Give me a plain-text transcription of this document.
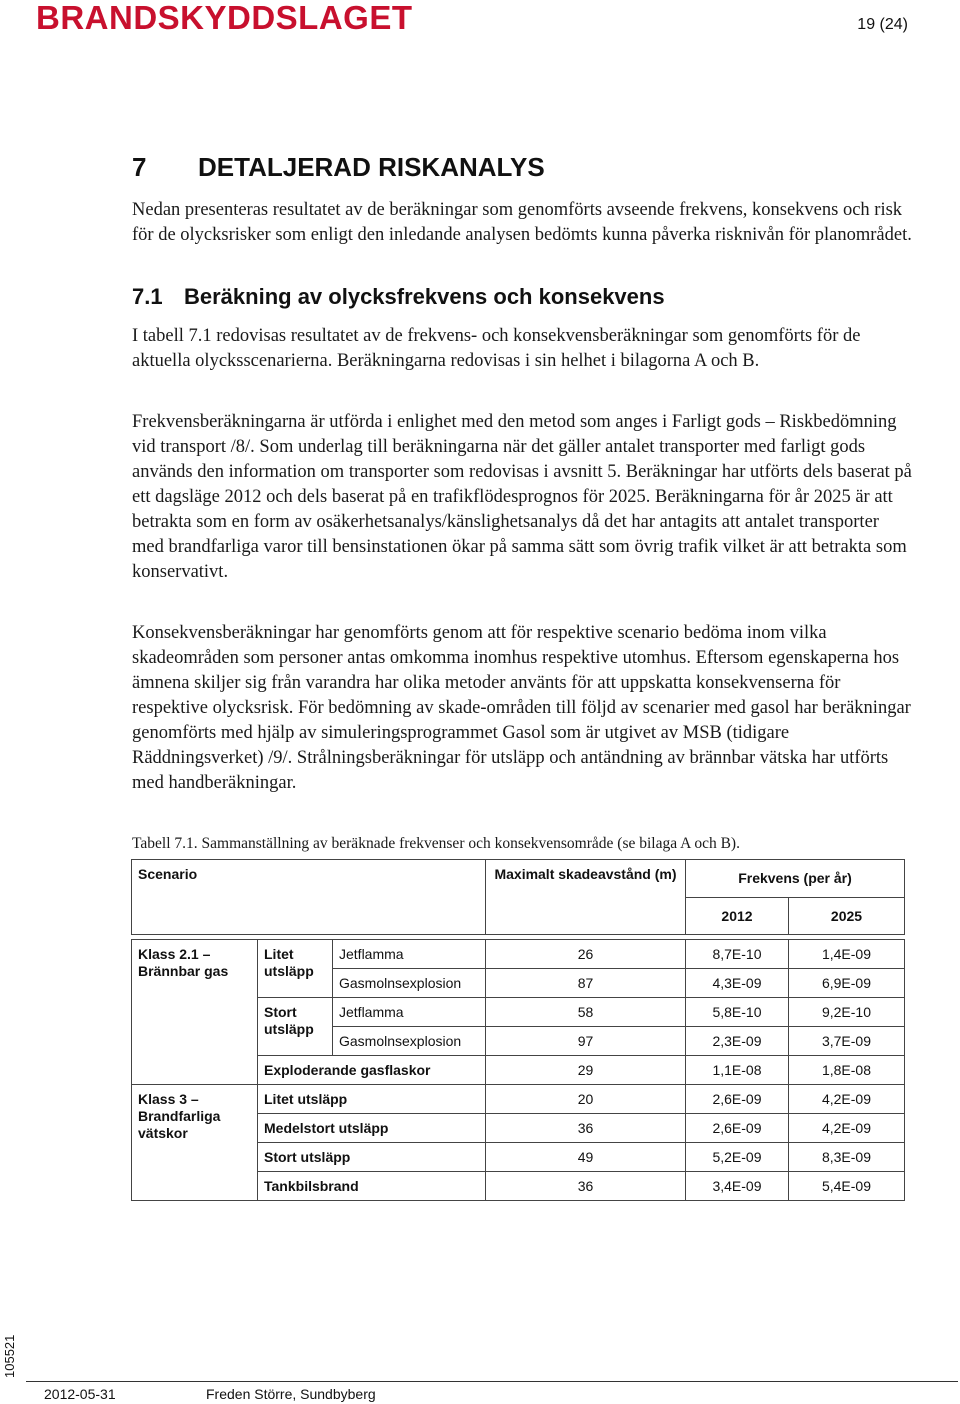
BRANDSKYDDSLAGET	19 (24)
7 DETALJERAD RISKANALYS

Nedan presenteras resultatet av de beräkningar som genomförts avseende frekvens, konsekvens och risk för de olycksrisker som enligt den inledande analysen bedömts kunna påverka risknivån för planområdet.

7.1 Beräkning av olycksfrekvens och konsekvens

I tabell 7.1 redovisas resultatet av de frekvens- och konsekvensberäkningar som genomförts för de aktuella olycksscenarierna. Beräkningarna redovisas i sin helhet i bilagorna A och B.

Frekvensberäkningarna är utförda i enlighet med den metod som anges i Farligt gods – Riskbedömning vid transport /8/. Som underlag till beräkningarna när det gäller antalet transporter med farligt gods används den information om transporter som redovisas i avsnitt 5. Beräkningar har utförts dels baserat på ett dagsläge 2012 och dels baserat på en trafikflödesprognos för 2025. Beräkningarna för år 2025 är att betrakta som en form av osäkerhetsanalys/känslighetsanalys då det har antagits att antalet transporter med brandfarliga varor till bensinstationen ökar på samma sätt som övrig trafik vilket är att betrakta som konservativt.

Konsekvensberäkningar har genomförts genom att för respektive scenario bedöma inom vilka skadeområden som personer antas omkomma inomhus respektive utomhus. Eftersom egenskaperna hos ämnena skiljer sig från varandra har olika metoder använts för att uppskatta konsekvenserna för respektive olycksrisk. För bedömning av skade-områden till följd av scenarier med gasol har beräkningar genomförts med hjälp av simuleringsprogrammet Gasol som är utgivet av MSB (tidigare Räddningsverket) /9/. Strålningsberäkningar för utsläpp och antändning av brännbar vätska har utförts med handberäkningar.

Tabell 7.1. Sammanställning av beräknade frekvenser och konsekvensområde (se bilaga A och B).
Scenario			Maximalt skadeavstånd (m)	Frekvens (per år)	
				2012	2025

Klass 2.1 – Brännbar gas	Litet utsläpp	Jetflamma	26	8,7E-10	1,4E-09
		Gasmolnsexplosion	87	4,3E-09	6,9E-09
	Stort utsläpp	Jetflamma	58	5,8E-10	9,2E-10
		Gasmolnsexplosion	97	2,3E-09	3,7E-09
	Exploderande gasflaskor		29	1,1E-08	1,8E-08
Klass 3 – Brandfarliga vätskor	Litet utsläpp		20	2,6E-09	4,2E-09
	Medelstort utsläpp		36	2,6E-09	4,2E-09
	Stort utsläpp		49	5,2E-09	8,3E-09
	Tankbilsbrand		36	3,4E-09	5,4E-09
105521
2012-05-31	Freden Större, Sundbyberg
